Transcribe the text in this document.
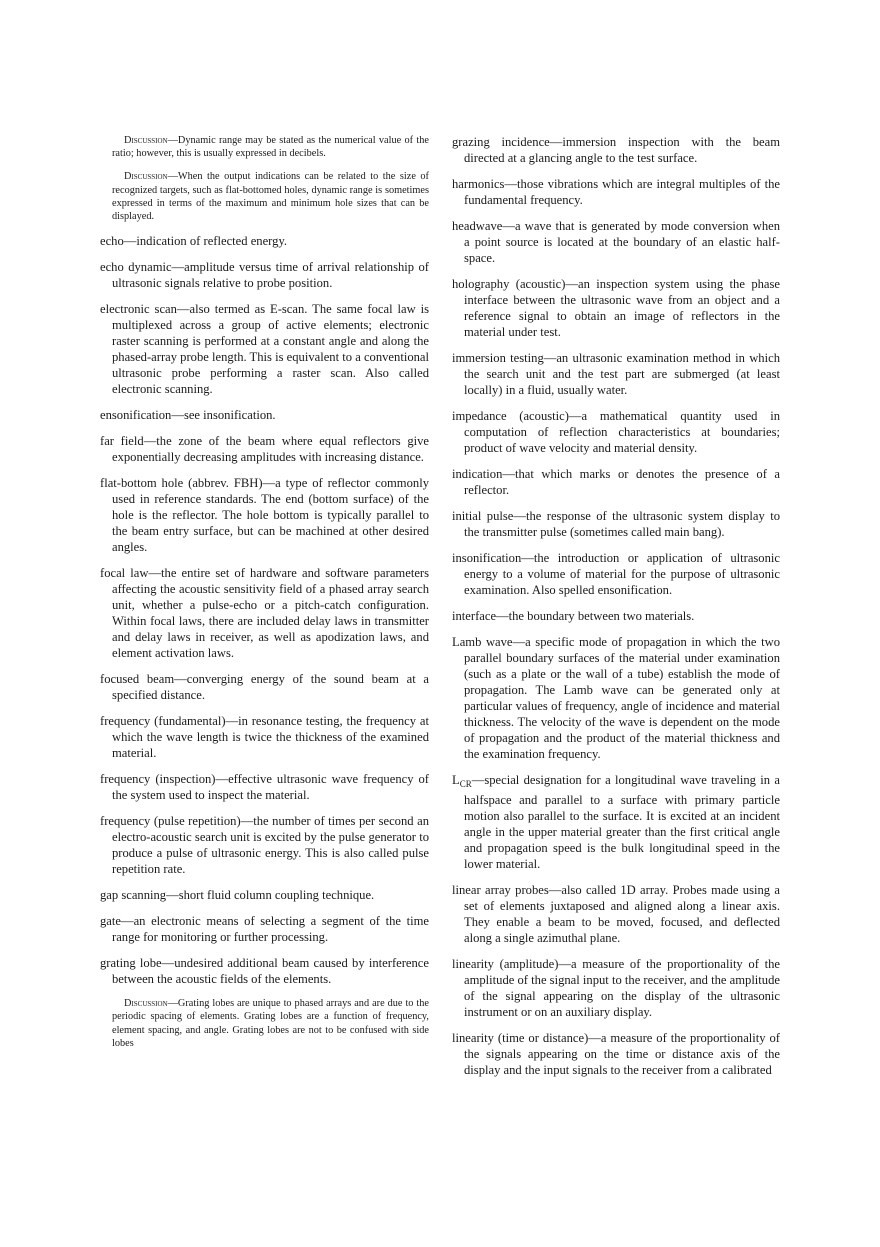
Discussion—Dynamic range may be stated as the numerical value of the ratio; however, this is usually expressed in decibels.

Discussion—When the output indications can be related to the size of recognized targets, such as flat-bottomed holes, dynamic range is sometimes expressed in terms of the maximum and minimum hole sizes that can be displayed.

echo—indication of reflected energy.

echo dynamic—amplitude versus time of arrival relationship of ultrasonic signals relative to probe position.

electronic scan—also termed as E-scan. The same focal law is multiplexed across a group of active elements; electronic raster scanning is performed at a constant angle and along the phased-array probe length. This is equivalent to a conventional ultrasonic probe performing a raster scan. Also called electronic scanning.

ensonification—see insonification.

far field—the zone of the beam where equal reflectors give exponentially decreasing amplitudes with increasing distance.

flat-bottom hole (abbrev. FBH)—a type of reflector commonly used in reference standards. The end (bottom surface) of the hole is the reflector. The hole bottom is typically parallel to the beam entry surface, but can be machined at other desired angles.

focal law—the entire set of hardware and software parameters affecting the acoustic sensitivity field of a phased array search unit, whether a pulse-echo or a pitch-catch configuration. Within focal laws, there are included delay laws in transmitter and delay laws in receiver, as well as apodization laws, and element activation laws.

focused beam—converging energy of the sound beam at a specified distance.

frequency (fundamental)—in resonance testing, the frequency at which the wave length is twice the thickness of the examined material.

frequency (inspection)—effective ultrasonic wave frequency of the system used to inspect the material.

frequency (pulse repetition)—the number of times per second an electro-acoustic search unit is excited by the pulse generator to produce a pulse of ultrasonic energy. This is also called pulse repetition rate.

gap scanning—short fluid column coupling technique.

gate—an electronic means of selecting a segment of the time range for monitoring or further processing.

grating lobe—undesired additional beam caused by interference between the acoustic fields of the elements.

Discussion—Grating lobes are unique to phased arrays and are due to the periodic spacing of elements. Grating lobes are a function of frequency, element spacing, and angle. Grating lobes are not to be confused with side lobes

grazing incidence—immersion inspection with the beam directed at a glancing angle to the test surface.

harmonics—those vibrations which are integral multiples of the fundamental frequency.

headwave—a wave that is generated by mode conversion when a point source is located at the boundary of an elastic half-space.

holography (acoustic)—an inspection system using the phase interface between the ultrasonic wave from an object and a reference signal to obtain an image of reflectors in the material under test.

immersion testing—an ultrasonic examination method in which the search unit and the test part are submerged (at least locally) in a fluid, usually water.

impedance (acoustic)—a mathematical quantity used in computation of reflection characteristics at boundaries; product of wave velocity and material density.

indication—that which marks or denotes the presence of a reflector.

initial pulse—the response of the ultrasonic system display to the transmitter pulse (sometimes called main bang).

insonification—the introduction or application of ultrasonic energy to a volume of material for the purpose of ultrasonic examination. Also spelled ensonification.

interface—the boundary between two materials.

Lamb wave—a specific mode of propagation in which the two parallel boundary surfaces of the material under examination (such as a plate or the wall of a tube) establish the mode of propagation. The Lamb wave can be generated only at particular values of frequency, angle of incidence and material thickness. The velocity of the wave is dependent on the mode of propagation and the product of the material thickness and the examination frequency.

$L_{CR}—special$ designation for a longitudinal wave traveling in a halfspace and parallel to a surface with primary particle motion also parallel to the surface. It is excited at an incident angle in the upper material greater than the first critical angle and propagation speed is the bulk longitudinal speed in the lower material.

linear array probes—also called 1D array. Probes made using a set of elements juxtaposed and aligned along a linear axis. They enable a beam to be moved, focused, and deflected along a single azimuthal plane.

linearity (amplitude)—a measure of the proportionality of the amplitude of the signal input to the receiver, and the amplitude of the signal appearing on the display of the ultrasonic instrument or on an auxiliary display.

linearity (time or distance)—a measure of the proportionality of the signals appearing on the time or distance axis of the display and the input signals to the receiver from a calibrated
